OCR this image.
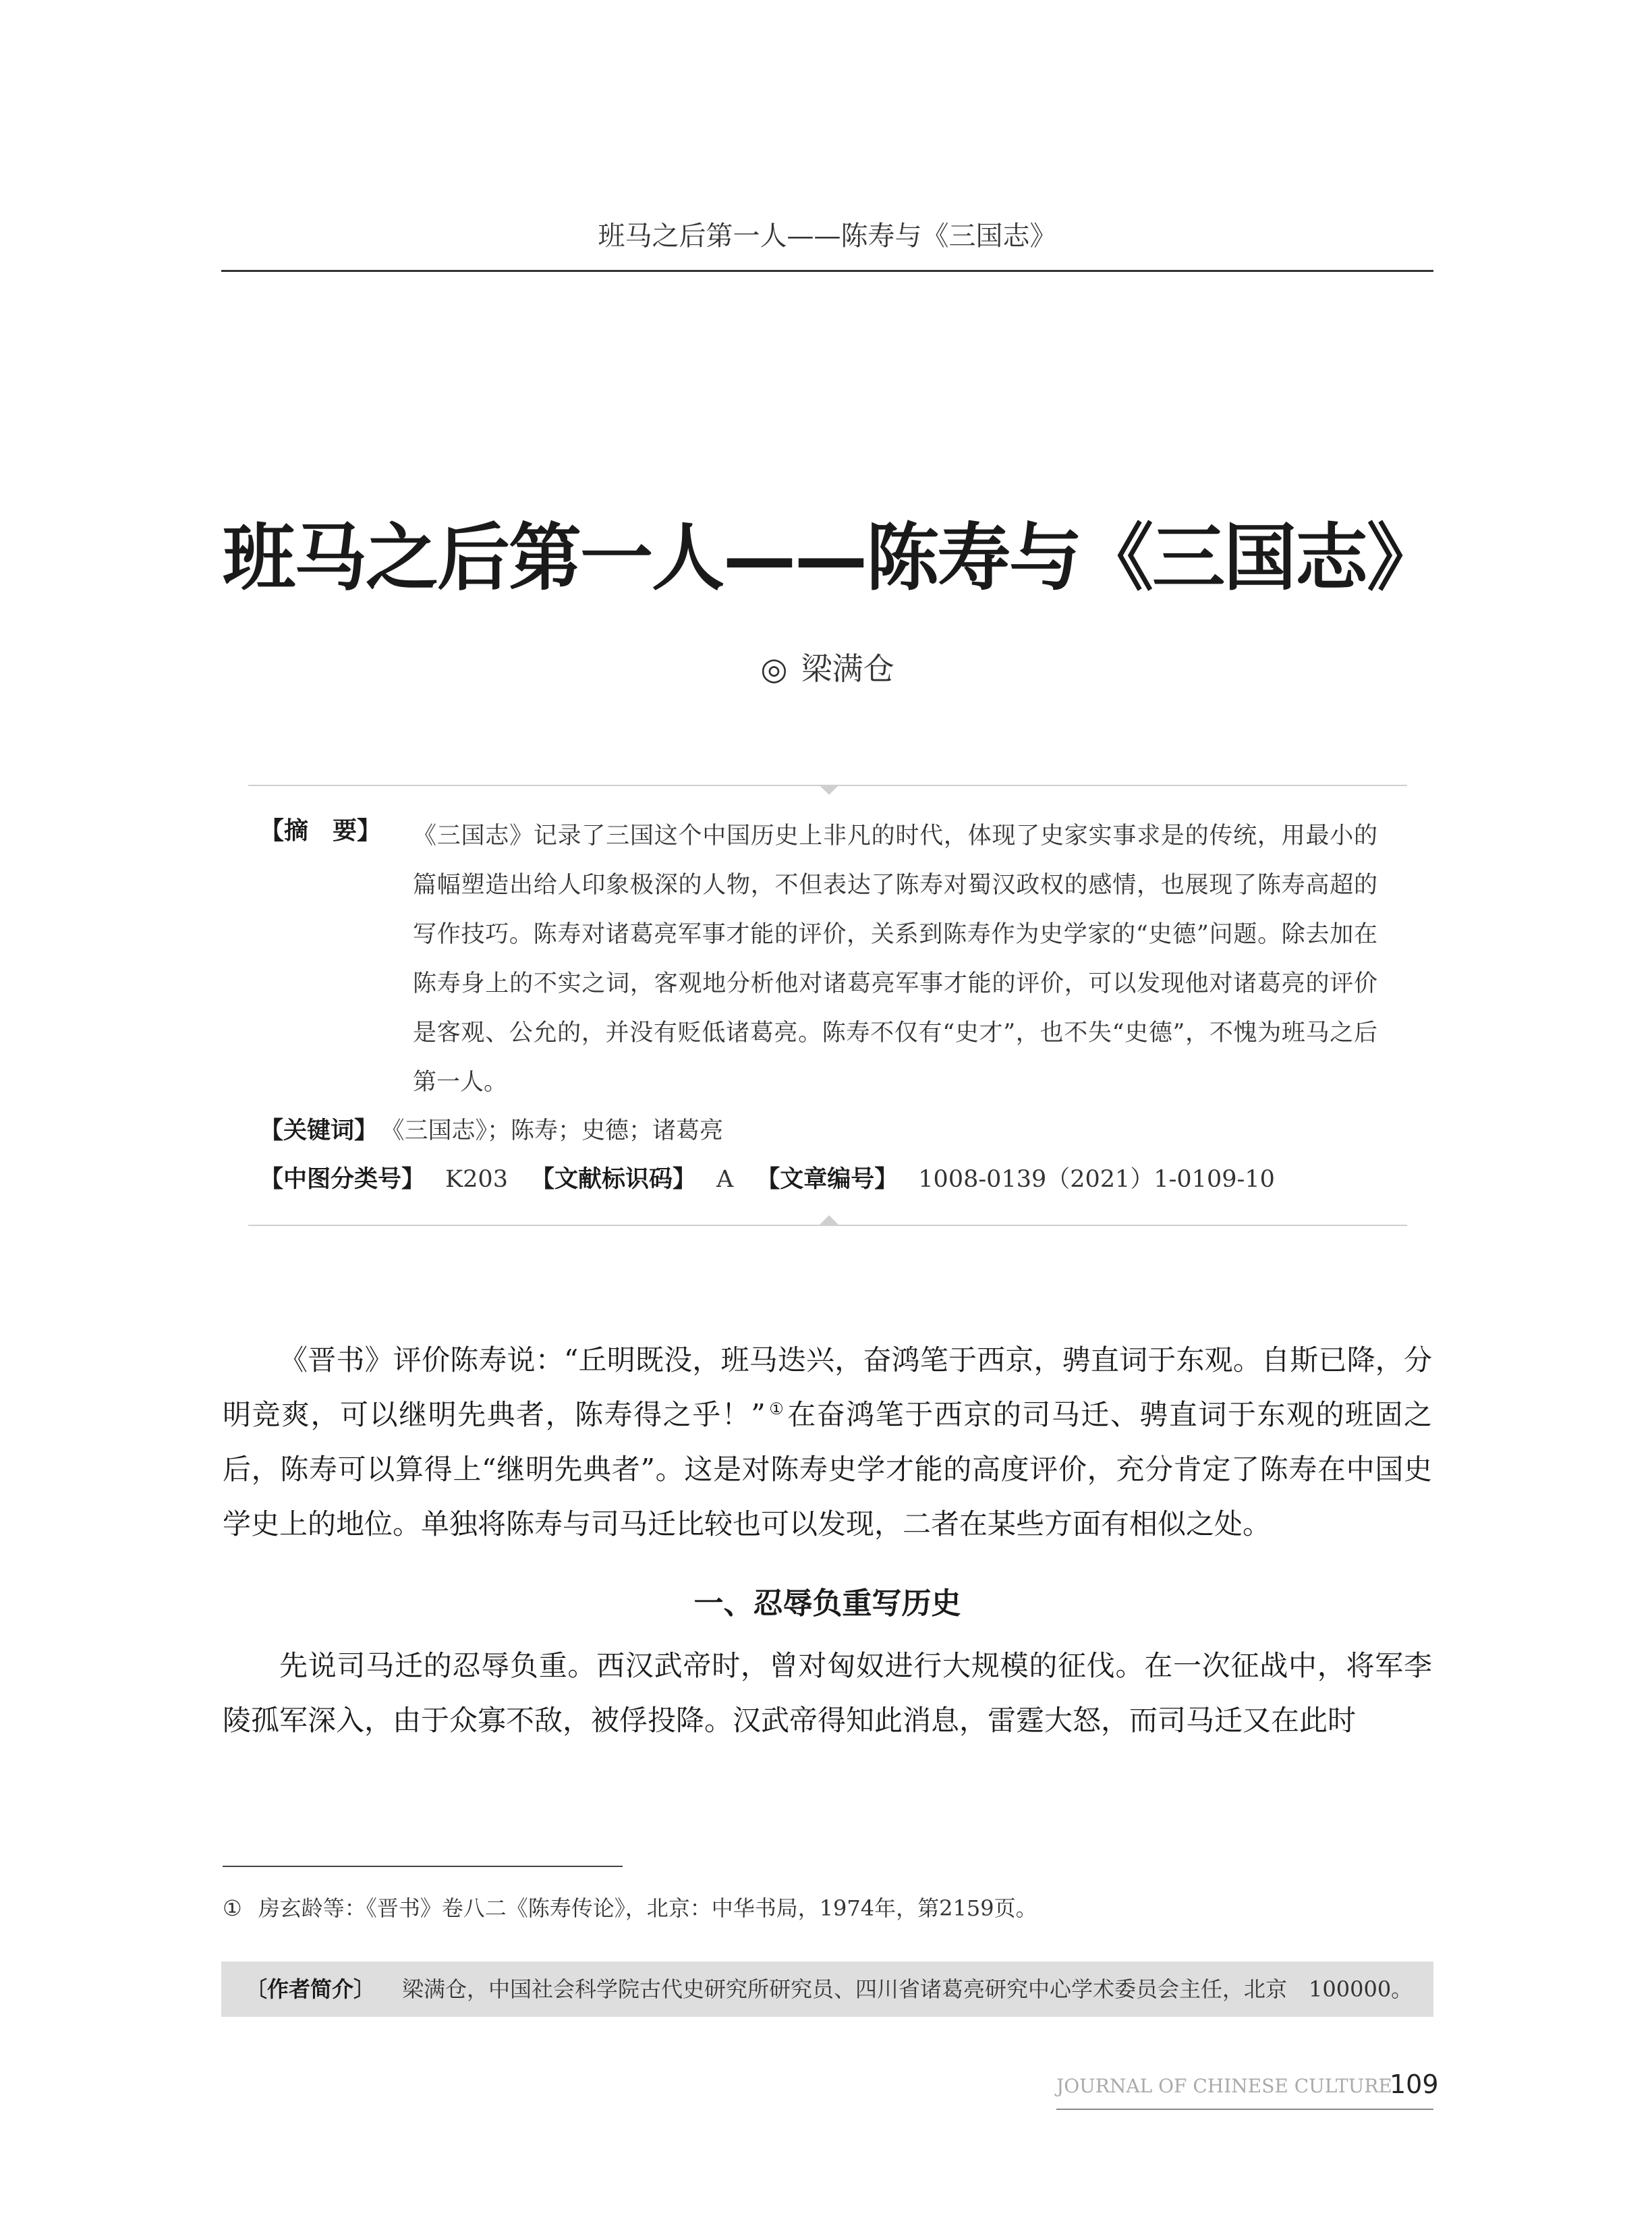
班马之后第一人——陈寿与《三国志》
班马之后第一人——陈寿与《三国志》
◎ 梁满仓
【摘　要】 《三国志》记录了三国这个中国历史上非凡的时代，体现了史家实事求是的传统，用最小的篇幅塑造出给人印象极深的人物，不但表达了陈寿对蜀汉政权的感情，也展现了陈寿高超的写作技巧。陈寿对诸葛亮军事才能的评价，关系到陈寿作为史学家的“史德”问题。除去加在陈寿身上的不实之词，客观地分析他对诸葛亮军事才能的评价，可以发现他对诸葛亮的评价是客观、公允的，并没有贬低诸葛亮。陈寿不仅有“史才”，也不失“史德”，不愧为班马之后第一人。
【关键词】 《三国志》；陈寿；史德；诸葛亮
【中图分类号】 K203 【文献标识码】 A 【文章编号】 1008-0139（2021）1-0109-10
《晋书》评价陈寿说：“丘明既没，班马迭兴，奋鸿笔于西京，骋直词于东观。自斯已降，分明竞爽，可以继明先典者，陈寿得之乎！” ①在奋鸿笔于西京的司马迁、骋直词于东观的班固之后，陈寿可以算得上“继明先典者”。这是对陈寿史学才能的高度评价，充分肯定了陈寿在中国史学史上的地位。单独将陈寿与司马迁比较也可以发现，二者在某些方面有相似之处。
一、忍辱负重写历史
先说司马迁的忍辱负重。西汉武帝时，曾对匈奴进行大规模的征伐。在一次征战中，将军李陵孤军深入，由于众寡不敌，被俘投降。汉武帝得知此消息，雷霆大怒，而司马迁又在此时
① 房玄龄等：《晋书》卷八二《陈寿传论》，北京：中华书局，1974年，第2159页。
〔作者简介〕 梁满仓，中国社会科学院古代史研究所研究员、四川省诸葛亮研究中心学术委员会主任，北京　100000。
JOURNAL OF CHINESE CULTURE
109
